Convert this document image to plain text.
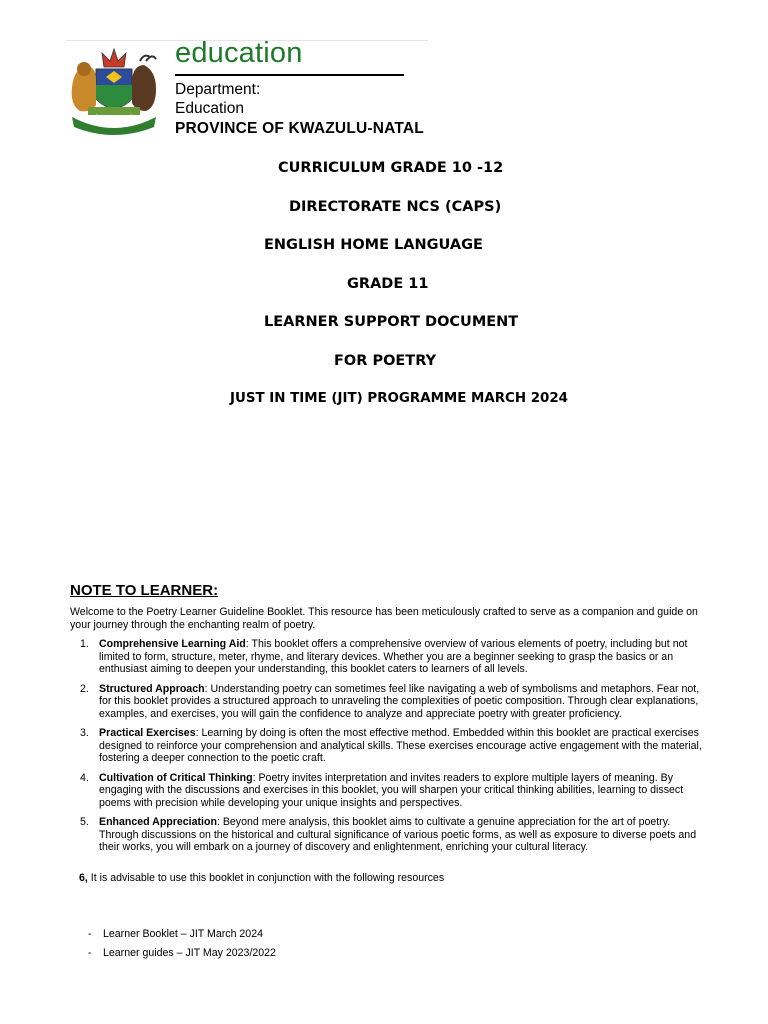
education
Department:
Education
PROVINCE OF KWAZULU-NATAL
CURRICULUM GRADE 10 -12
DIRECTORATE NCS (CAPS)
ENGLISH HOME LANGUAGE
GRADE 11
LEARNER SUPPORT DOCUMENT
FOR POETRY
JUST IN TIME (JIT) PROGRAMME MARCH 2024
NOTE TO LEARNER:
Welcome to the Poetry Learner Guideline Booklet. This resource has been meticulously crafted to serve as a companion and guide on your journey through the enchanting realm of poetry.
1. Comprehensive Learning Aid: This booklet offers a comprehensive overview of various elements of poetry, including but not limited to form, structure, meter, rhyme, and literary devices. Whether you are a beginner seeking to grasp the basics or an enthusiast aiming to deepen your understanding, this booklet caters to learners of all levels.
2. Structured Approach: Understanding poetry can sometimes feel like navigating a web of symbolisms and metaphors. Fear not, for this booklet provides a structured approach to unraveling the complexities of poetic composition. Through clear explanations, examples, and exercises, you will gain the confidence to analyze and appreciate poetry with greater proficiency.
3. Practical Exercises: Learning by doing is often the most effective method. Embedded within this booklet are practical exercises designed to reinforce your comprehension and analytical skills. These exercises encourage active engagement with the material, fostering a deeper connection to the poetic craft.
4. Cultivation of Critical Thinking: Poetry invites interpretation and invites readers to explore multiple layers of meaning. By engaging with the discussions and exercises in this booklet, you will sharpen your critical thinking abilities, learning to dissect poems with precision while developing your unique insights and perspectives.
5. Enhanced Appreciation: Beyond mere analysis, this booklet aims to cultivate a genuine appreciation for the art of poetry. Through discussions on the historical and cultural significance of various poetic forms, as well as exposure to diverse poets and their works, you will embark on a journey of discovery and enlightenment, enriching your cultural literacy.
6, It is advisable to use this booklet in conjunction with the following resources
- Learner Booklet – JIT March 2024
- Learner guides – JIT May 2023/2022
